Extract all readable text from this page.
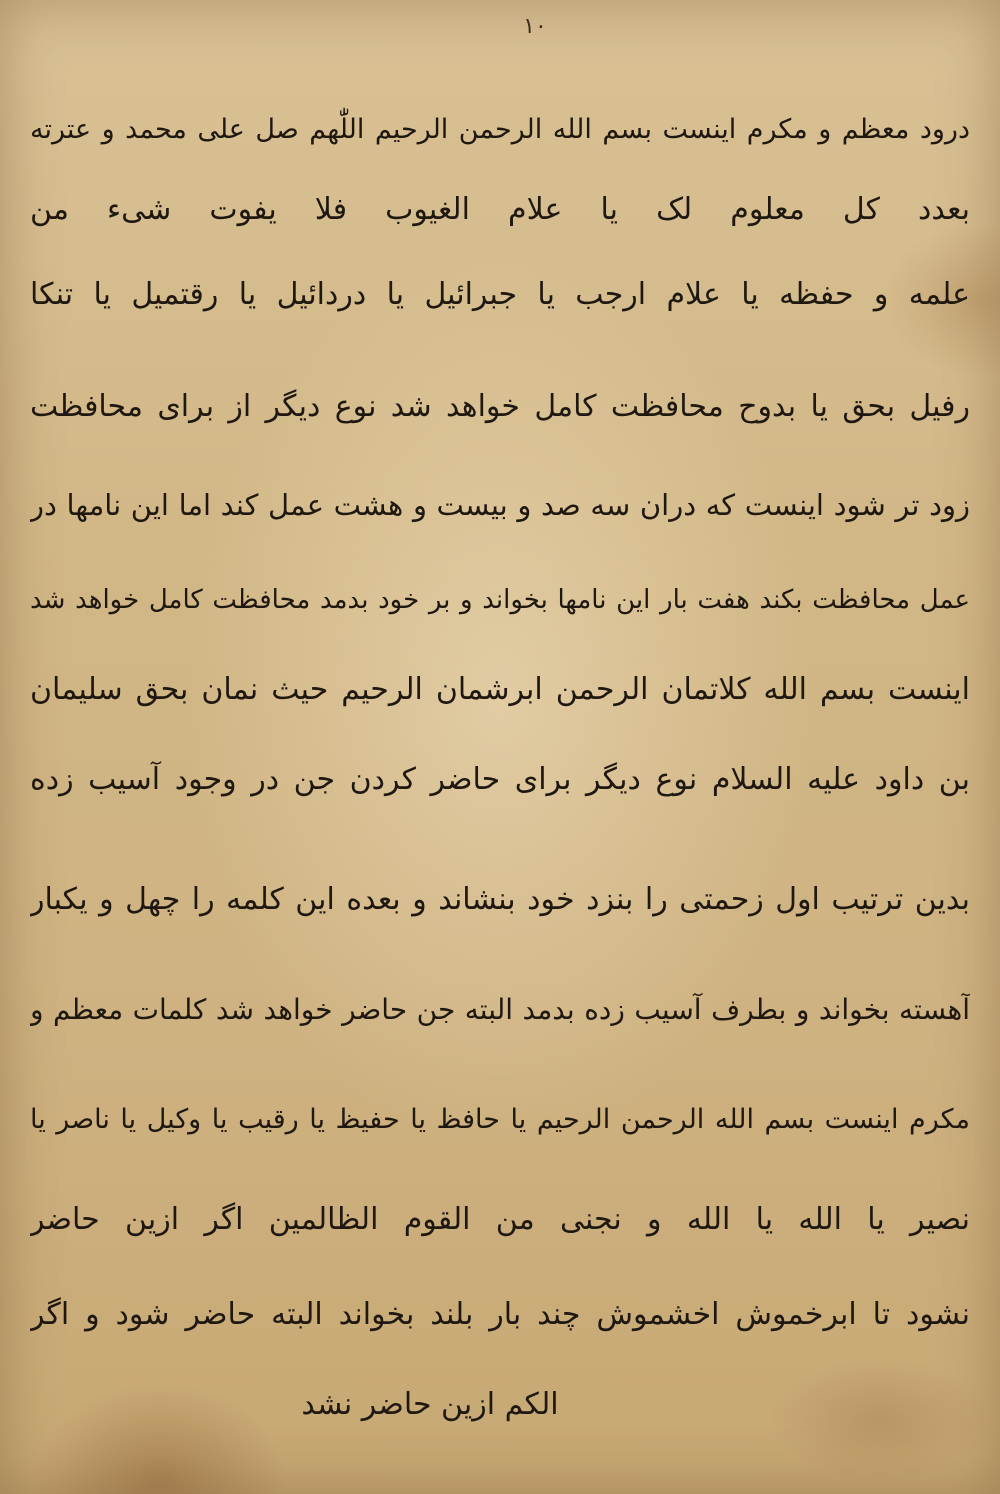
۱۰
درود معظم و مکرم اینست بسم الله الرحمن الرحیم اللّٰهم صل علی محمد و عترته
بعدد کل معلوم لک یا علام الغیوب فلا یفوت شیء من
علمه و حفظه یا علام ارجب یا جبرائیل یا دردائیل یا رقتمیل یا تنکا
رفیل بحق یا بدوح محافظت کامل خواهد شد نوع دیگر از برای محافظت
زود تر شود اینست که دران سه صد و بیست و هشت عمل کند اما این نامها در
عمل محافظت بکند هفت بار این نامها بخواند و بر خود بدمد محافظت کامل خواهد شد
اینست بسم الله کلاتمان الرحمن ابرشمان الرحیم حیث نمان بحق سلیمان
بن داود علیه السلام نوع دیگر برای حاضر کردن جن در وجود آسیب زده
بدین ترتیب اول زحمتی را بنزد خود بنشاند و بعده این کلمه را چهل و یکبار
آهسته بخواند و بطرف آسیب زده بدمد البته جن حاضر خواهد شد کلمات معظم و
مکرم اینست بسم الله الرحمن الرحیم یا حافظ یا حفیظ یا رقیب یا وکیل یا ناصر یا
نصیر یا الله یا الله و نجنی من القوم الظالمین اگر ازین حاضر
نشود تا ابرخموش اخشموش چند بار بلند بخواند البته حاضر شود و اگر
الکم ازین حاضر نشد
